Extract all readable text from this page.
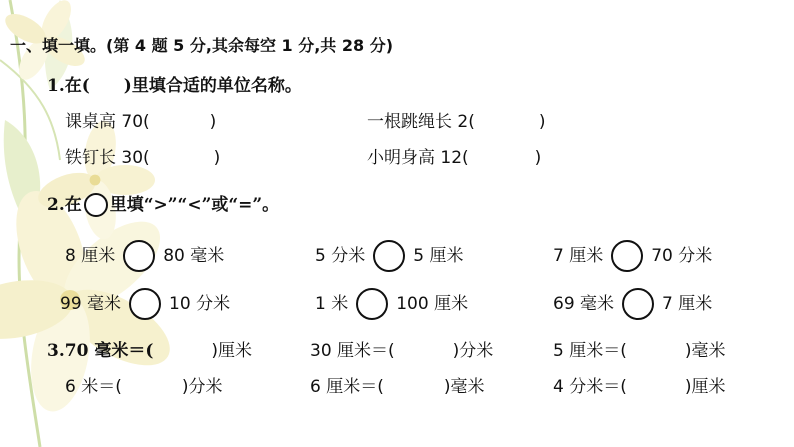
一、填一填。(第 4 题 5 分,其余每空 1 分,共 28 分)
1.在(　　)里填合适的单位名称。
课桌高 70(	)	一根跳绳长 2(	)
铁钉长 30(	)	小明身高 12(	)
2.在 里填“>”“<”或“=”。
8 厘米	80 毫米	5 分米	5 厘米	7 厘米	70 分米
99 毫米	10 分米	1 米	100 厘米	69 毫米	7 厘米
3.70 毫米＝(	)厘米	30 厘米＝(	)分米	5 厘米＝(	)毫米
6 米＝(	)分米	6 厘米＝(	)毫米	4 分米＝(	)厘米
